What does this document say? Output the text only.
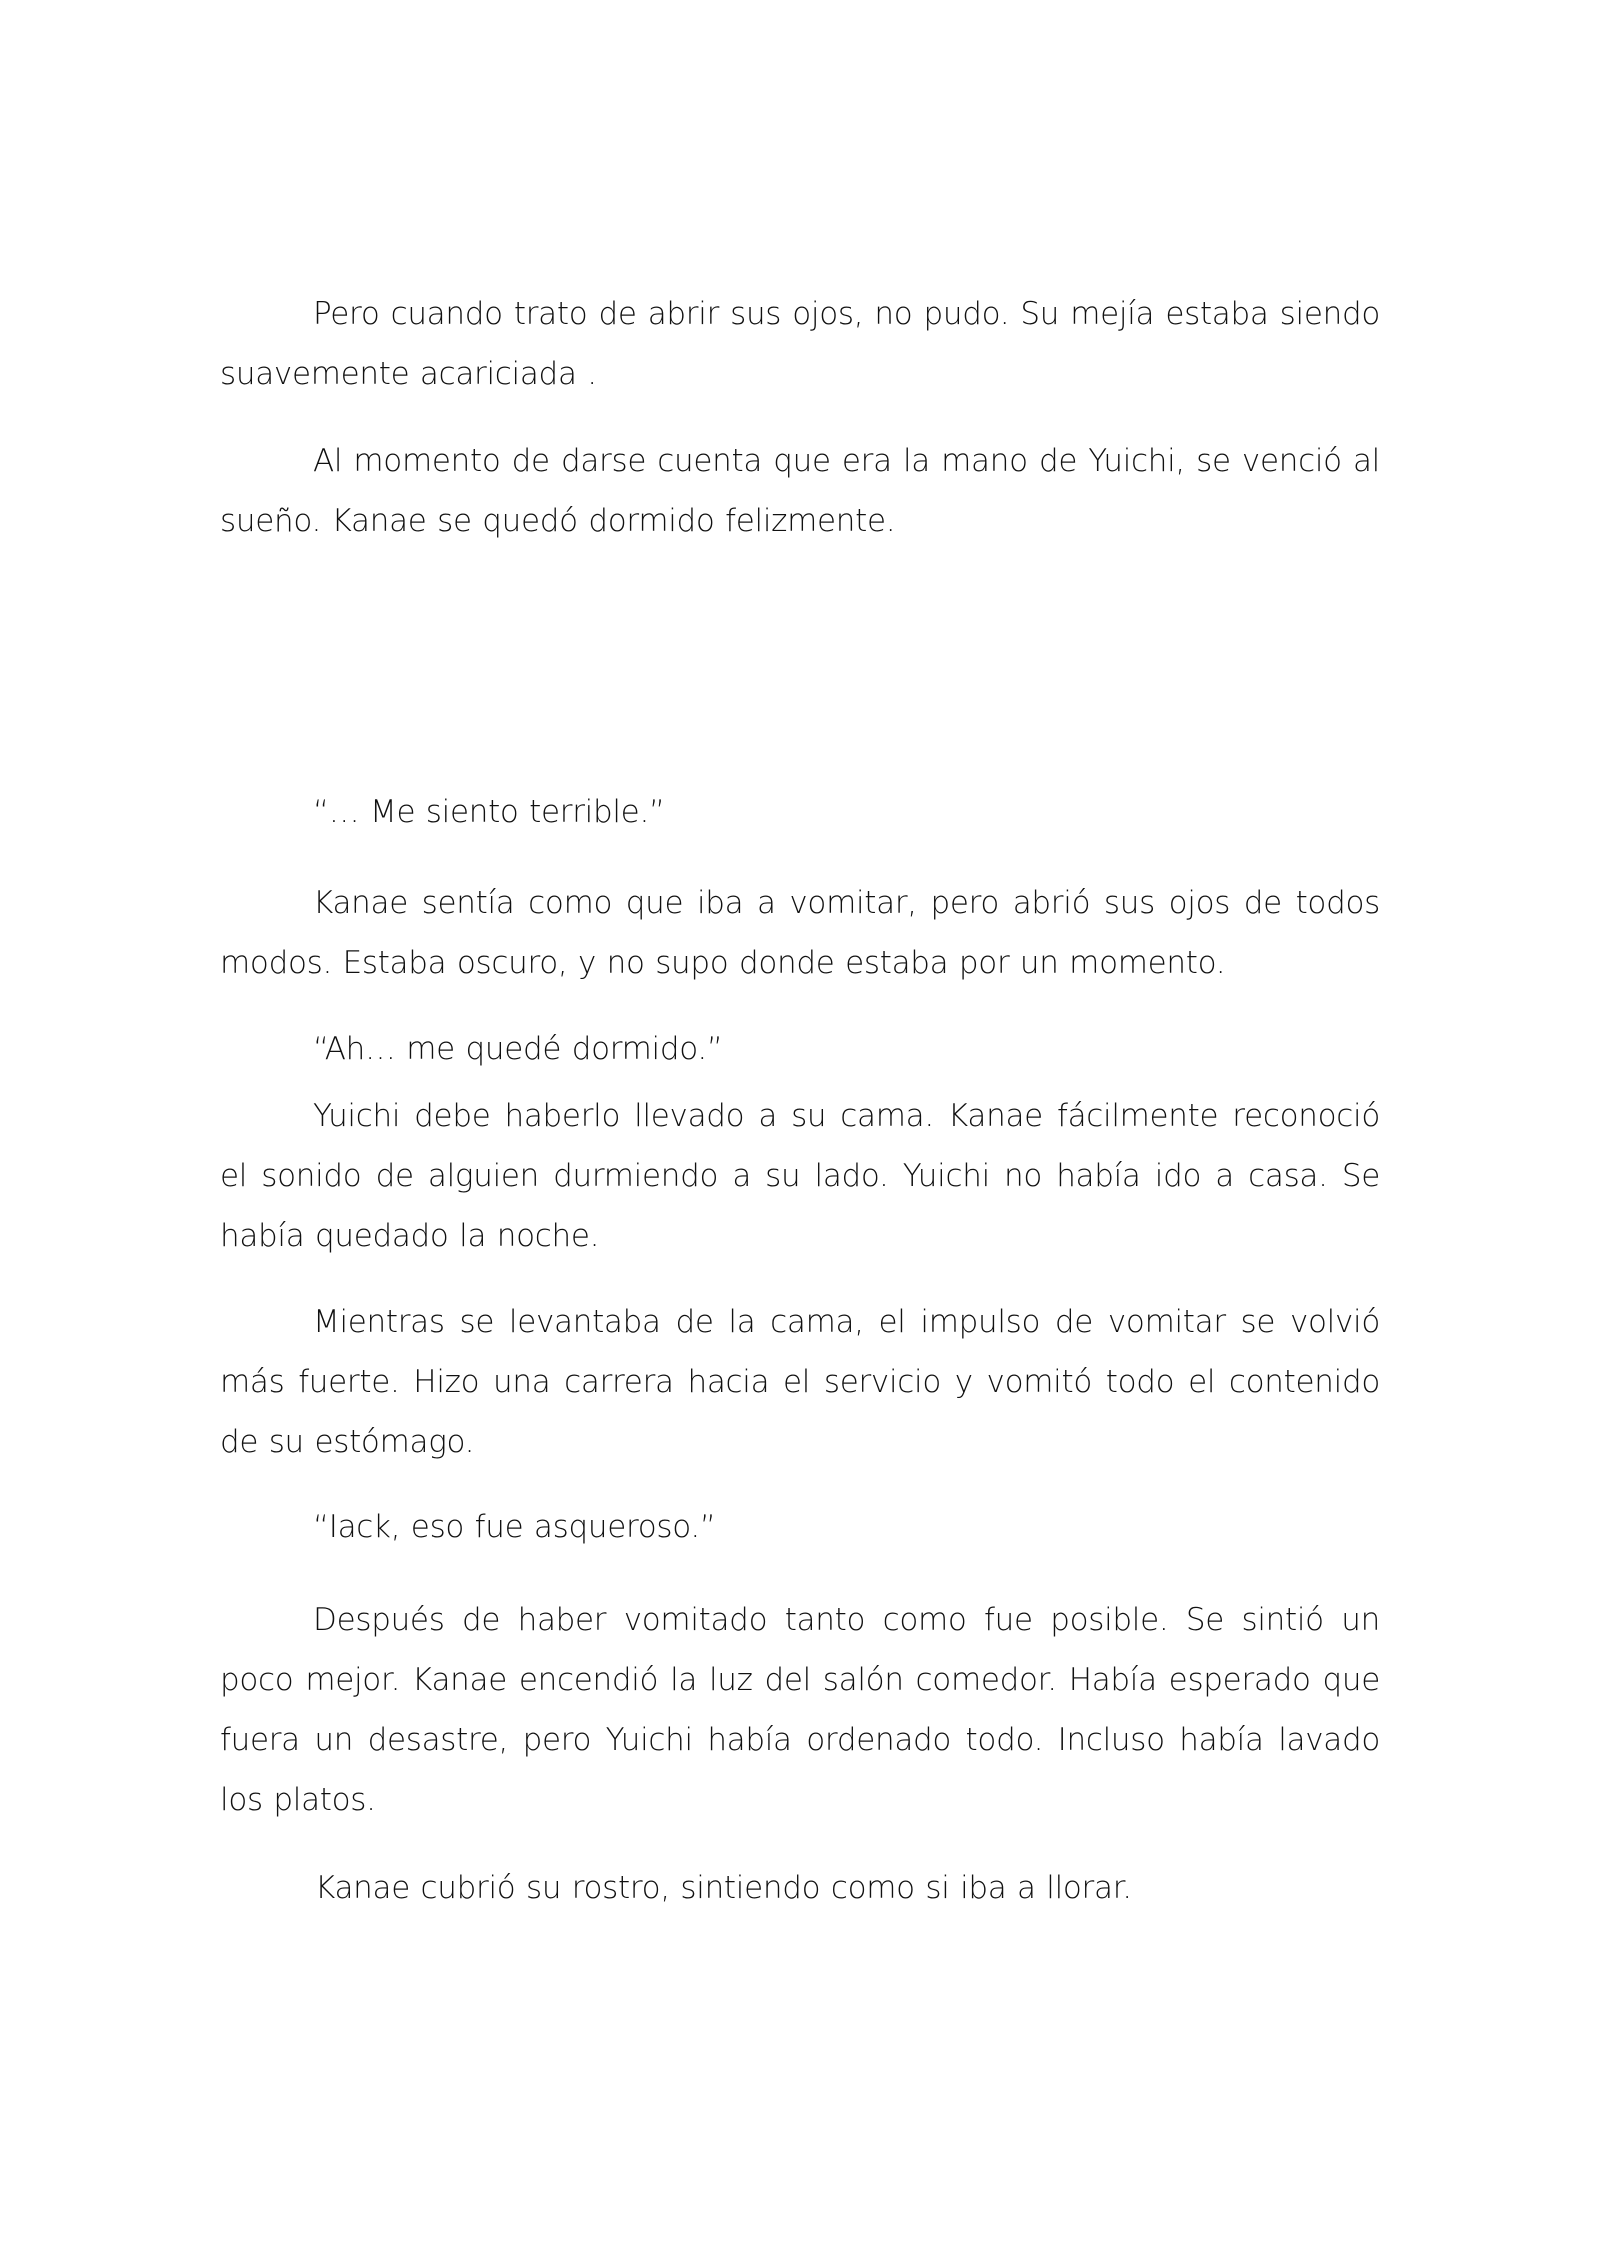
Pero cuando trato de abrir sus ojos, no pudo. Su mejía estaba siendo suavemente acariciada .

Al momento de darse cuenta que era la mano de Yuichi, se venció al sueño. Kanae se quedó dormido felizmente.

“… Me siento terrible.”

Kanae sentía como que iba a vomitar, pero abrió sus ojos de todos modos. Estaba oscuro, y no supo donde estaba por un momento.

“Ah… me quedé dormido.”

Yuichi debe haberlo llevado a su cama. Kanae fácilmente reconoció el sonido de alguien durmiendo a su lado. Yuichi no había ido a casa. Se había quedado la noche.

Mientras se levantaba de la cama, el impulso de vomitar se volvió más fuerte. Hizo una carrera hacia el servicio y vomitó todo el contenido de su estómago.

“Iack, eso fue asqueroso.”

Después de haber vomitado tanto como fue posible. Se sintió un poco mejor. Kanae encendió la luz del salón comedor. Había esperado que fuera un desastre, pero Yuichi había ordenado todo. Incluso había lavado los platos.

Kanae cubrió su rostro, sintiendo como si iba a llorar.
